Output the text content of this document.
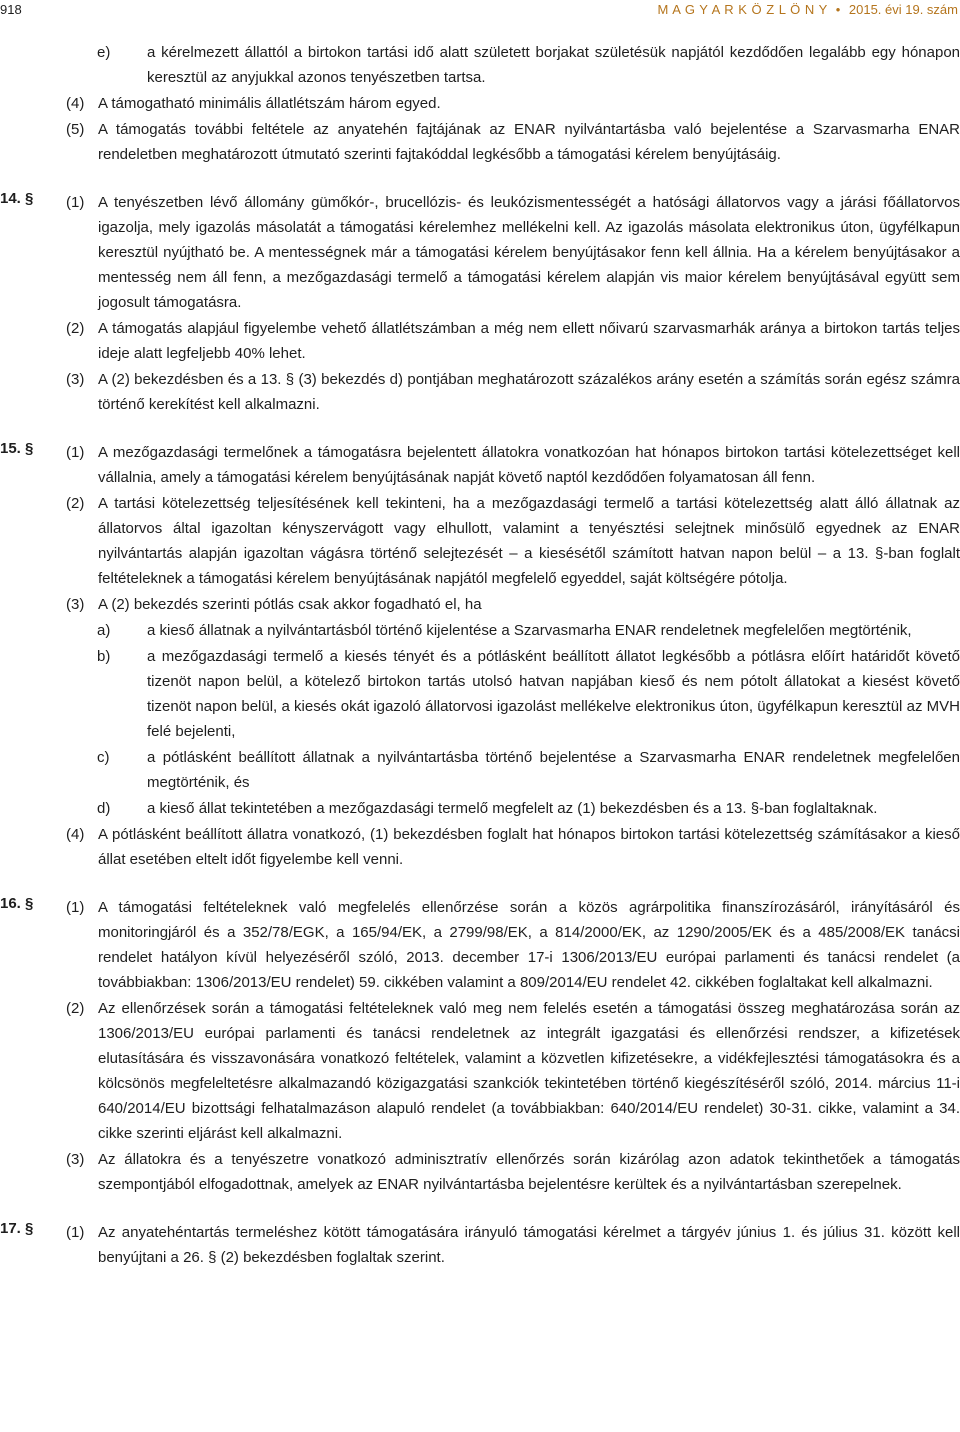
918	M A G Y A R K Ö Z L Ö N Y • 2015. évi 19. szám
e) a kérelmezett állattól a birtokon tartási idő alatt született borjakat születésük napjától kezdődően legalább egy hónapon keresztül az anyjukkal azonos tenyészetben tartsa.
(4) A támogatható minimális állatlétszám három egyed.
(5) A támogatás további feltétele az anyatehén fajtájának az ENAR nyilvántartásba való bejelentése a Szarvasmarha ENAR rendeletben meghatározott útmutató szerinti fajtakóddal legkésőbb a támogatási kérelem benyújtásáig.
14. § (1) A tenyészetben lévő állomány gümőkór-, brucellózis- és leukózismentességét a hatósági állatorvos vagy a járási főállatorvos igazolja, mely igazolás másolatát a támogatási kérelemhez mellékelni kell. Az igazolás másolata elektronikus úton, ügyfélkapun keresztül nyújtható be. A mentességnek már a támogatási kérelem benyújtásakor fenn kell állnia. Ha a kérelem benyújtásakor a mentesség nem áll fenn, a mezőgazdasági termelő a támogatási kérelem alapján vis maior kérelem benyújtásával együtt sem jogosult támogatásra.
(2) A támogatás alapjául figyelembe vehető állatlétszámban a még nem ellett nőivarú szarvasmarhák aránya a birtokon tartás teljes ideje alatt legfeljebb 40% lehet.
(3) A (2) bekezdésben és a 13. § (3) bekezdés d) pontjában meghatározott százalékos arány esetén a számítás során egész számra történő kerekítést kell alkalmazni.
15. § (1) A mezőgazdasági termelőnek a támogatásra bejelentett állatokra vonatkozóan hat hónapos birtokon tartási kötelezettséget kell vállalnia, amely a támogatási kérelem benyújtásának napját követő naptól kezdődően folyamatosan áll fenn.
(2) A tartási kötelezettség teljesítésének kell tekinteni, ha a mezőgazdasági termelő a tartási kötelezettség alatt álló állatnak az állatorvos által igazoltan kényszervágott vagy elhullott, valamint a tenyésztési selejtnek minősülő egyednek az ENAR nyilvántartás alapján igazoltan vágásra történő selejtezését – a kiesésétől számított hatvan napon belül – a 13. §-ban foglalt feltételeknek a támogatási kérelem benyújtásának napjától megfelelő egyeddel, saját költségére pótolja.
(3) A (2) bekezdés szerinti pótlás csak akkor fogadható el, ha
a) a kieső állatnak a nyilvántartásból történő kijelentése a Szarvasmarha ENAR rendeletnek megfelelően megtörténik,
b) a mezőgazdasági termelő a kiesés tényét és a pótlásként beállított állatot legkésőbb a pótlásra előírt határidőt követő tizenöt napon belül, a kötelező birtokon tartás utolsó hatvan napjában kieső és nem pótolt állatokat a kiesést követő tizenöt napon belül, a kiesés okát igazoló állatorvosi igazolást mellékelve elektronikus úton, ügyfélkapun keresztül az MVH felé bejelenti,
c)	a pótlásként beállított állatnak a nyilvántartásba történő bejelentése a Szarvasmarha ENAR rendeletnek megfelelően megtörténik, és
d) a kieső állat tekintetében a mezőgazdasági termelő megfelelt az (1) bekezdésben és a 13. §-ban foglaltaknak.
(4) A pótlásként beállított állatra vonatkozó, (1) bekezdésben foglalt hat hónapos birtokon tartási kötelezettség számításakor a kieső állat esetében eltelt időt figyelembe kell venni.
16. § (1) A támogatási feltételeknek való megfelelés ellenőrzése során a közös agrárpolitika finanszírozásáról, irányításáról és monitoringjáról és a 352/78/EGK, a 165/94/EK, a 2799/98/EK, a 814/2000/EK, az 1290/2005/EK és a 485/2008/EK tanácsi rendelet hatályon kívül helyezéséről szóló, 2013. december 17-i 1306/2013/EU európai parlamenti és tanácsi rendelet (a továbbiakban: 1306/2013/EU rendelet) 59. cikkében valamint a 809/2014/EU rendelet 42. cikkében foglaltakat kell alkalmazni.
(2) Az ellenőrzések során a támogatási feltételeknek való meg nem felelés esetén a támogatási összeg meghatározása során az 1306/2013/EU európai parlamenti és tanácsi rendeletnek az integrált igazgatási és ellenőrzési rendszer, a kifizetések elutasítására és visszavonására vonatkozó feltételek, valamint a közvetlen kifizetésekre, a vidékfejlesztési támogatásokra és a kölcsönös megfeleltetésre alkalmazandó közigazgatási szankciók tekintetében történő kiegészítéséről szóló, 2014. március 11-i 640/2014/EU bizottsági felhatalmazáson alapuló rendelet (a továbbiakban: 640/2014/EU rendelet) 30-31. cikke, valamint a 34. cikke szerinti eljárást kell alkalmazni.
(3) Az állatokra és a tenyészetre vonatkozó adminisztratív ellenőrzés során kizárólag azon adatok tekinthetőek a támogatás szempontjából elfogadottnak, amelyek az ENAR nyilvántartásba bejelentésre kerültek és a nyilvántartásban szerepelnek.
17. § (1) Az anyatehéntartás termeléshez kötött támogatására irányuló támogatási kérelmet a tárgyév június 1. és július 31. között kell benyújtani a 26. § (2) bekezdésben foglaltak szerint.
